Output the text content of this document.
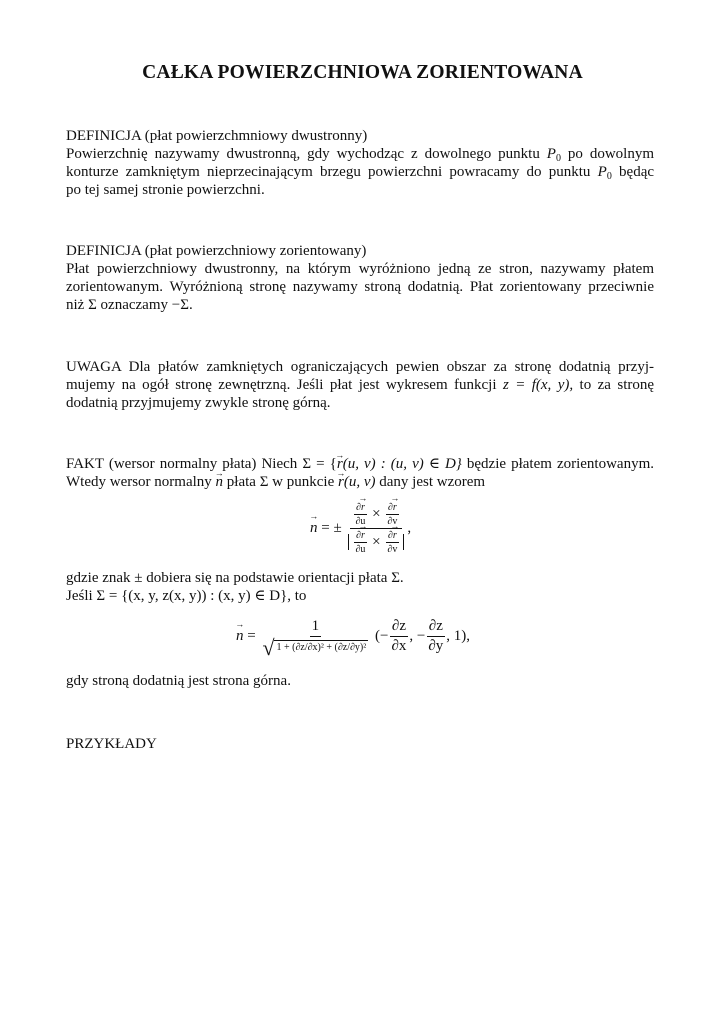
CAŁKA POWIERZCHNIOWA ZORIENTOWANA
DEFINICJA (płat powierzchmniowy dwustronny)
Powierzchnię nazywamy dwustronną, gdy wychodząc z dowolnego punktu $P_0$ po dowolnym
konturze zamkniętym nieprzecinającym brzegu powierzchni powracamy do punktu $P_0$ będąc
po tej samej stronie powierzchni.
DEFINICJA (płat powierzchniowy zorientowany)
Płat powierzchniowy dwustronny, na którym wyróżniono jedną ze stron, nazywamy płatem
zorientowanym. Wyróżnioną stronę nazywamy stroną dodatnią. Płat zorientowany przeciwnie
niż Σ oznaczamy −Σ.
UWAGA Dla płatów zamkniętych ograniczających pewien obszar za stronę dodatnią przyj-
mujemy na ogół stronę zewnętrzną. Jeśli płat jest wykresem funkcji z = f(x, y), to za stronę
dodatnią przyjmujemy zwykle stronę górną.
FAKT (wersor normalny płata) Niech Σ = {→ r(u, v) : (u, v) ∈ D} będzie płatem zorientowanym.
Wtedy wersor normalny → n płata Σ w punkcie → r(u, v) dany jest wzorem
→ n = ± $\frac{\frac{\partial\to r}{\partial u} \times \frac{\partial\to r}{\partial v}}{\frac{\partial\to r}{\partial u} \times \frac{\partial\to r}{\partial v}}$ ,
gdzie znak ± dobiera się na podstawie orientacji płata Σ.
Jeśli Σ = {(x, y, z(x, y)) : (x, y) ∈ D}, to
→ n = 1
√ 1 + (∂z/∂x)² + (∂z/∂y)² (− $\frac{\partial z}{\partial x}$ , − $\frac{\partial z}{\partial y}$ , 1),
gdy stroną dodatnią jest strona górna.
PRZYKŁADY
